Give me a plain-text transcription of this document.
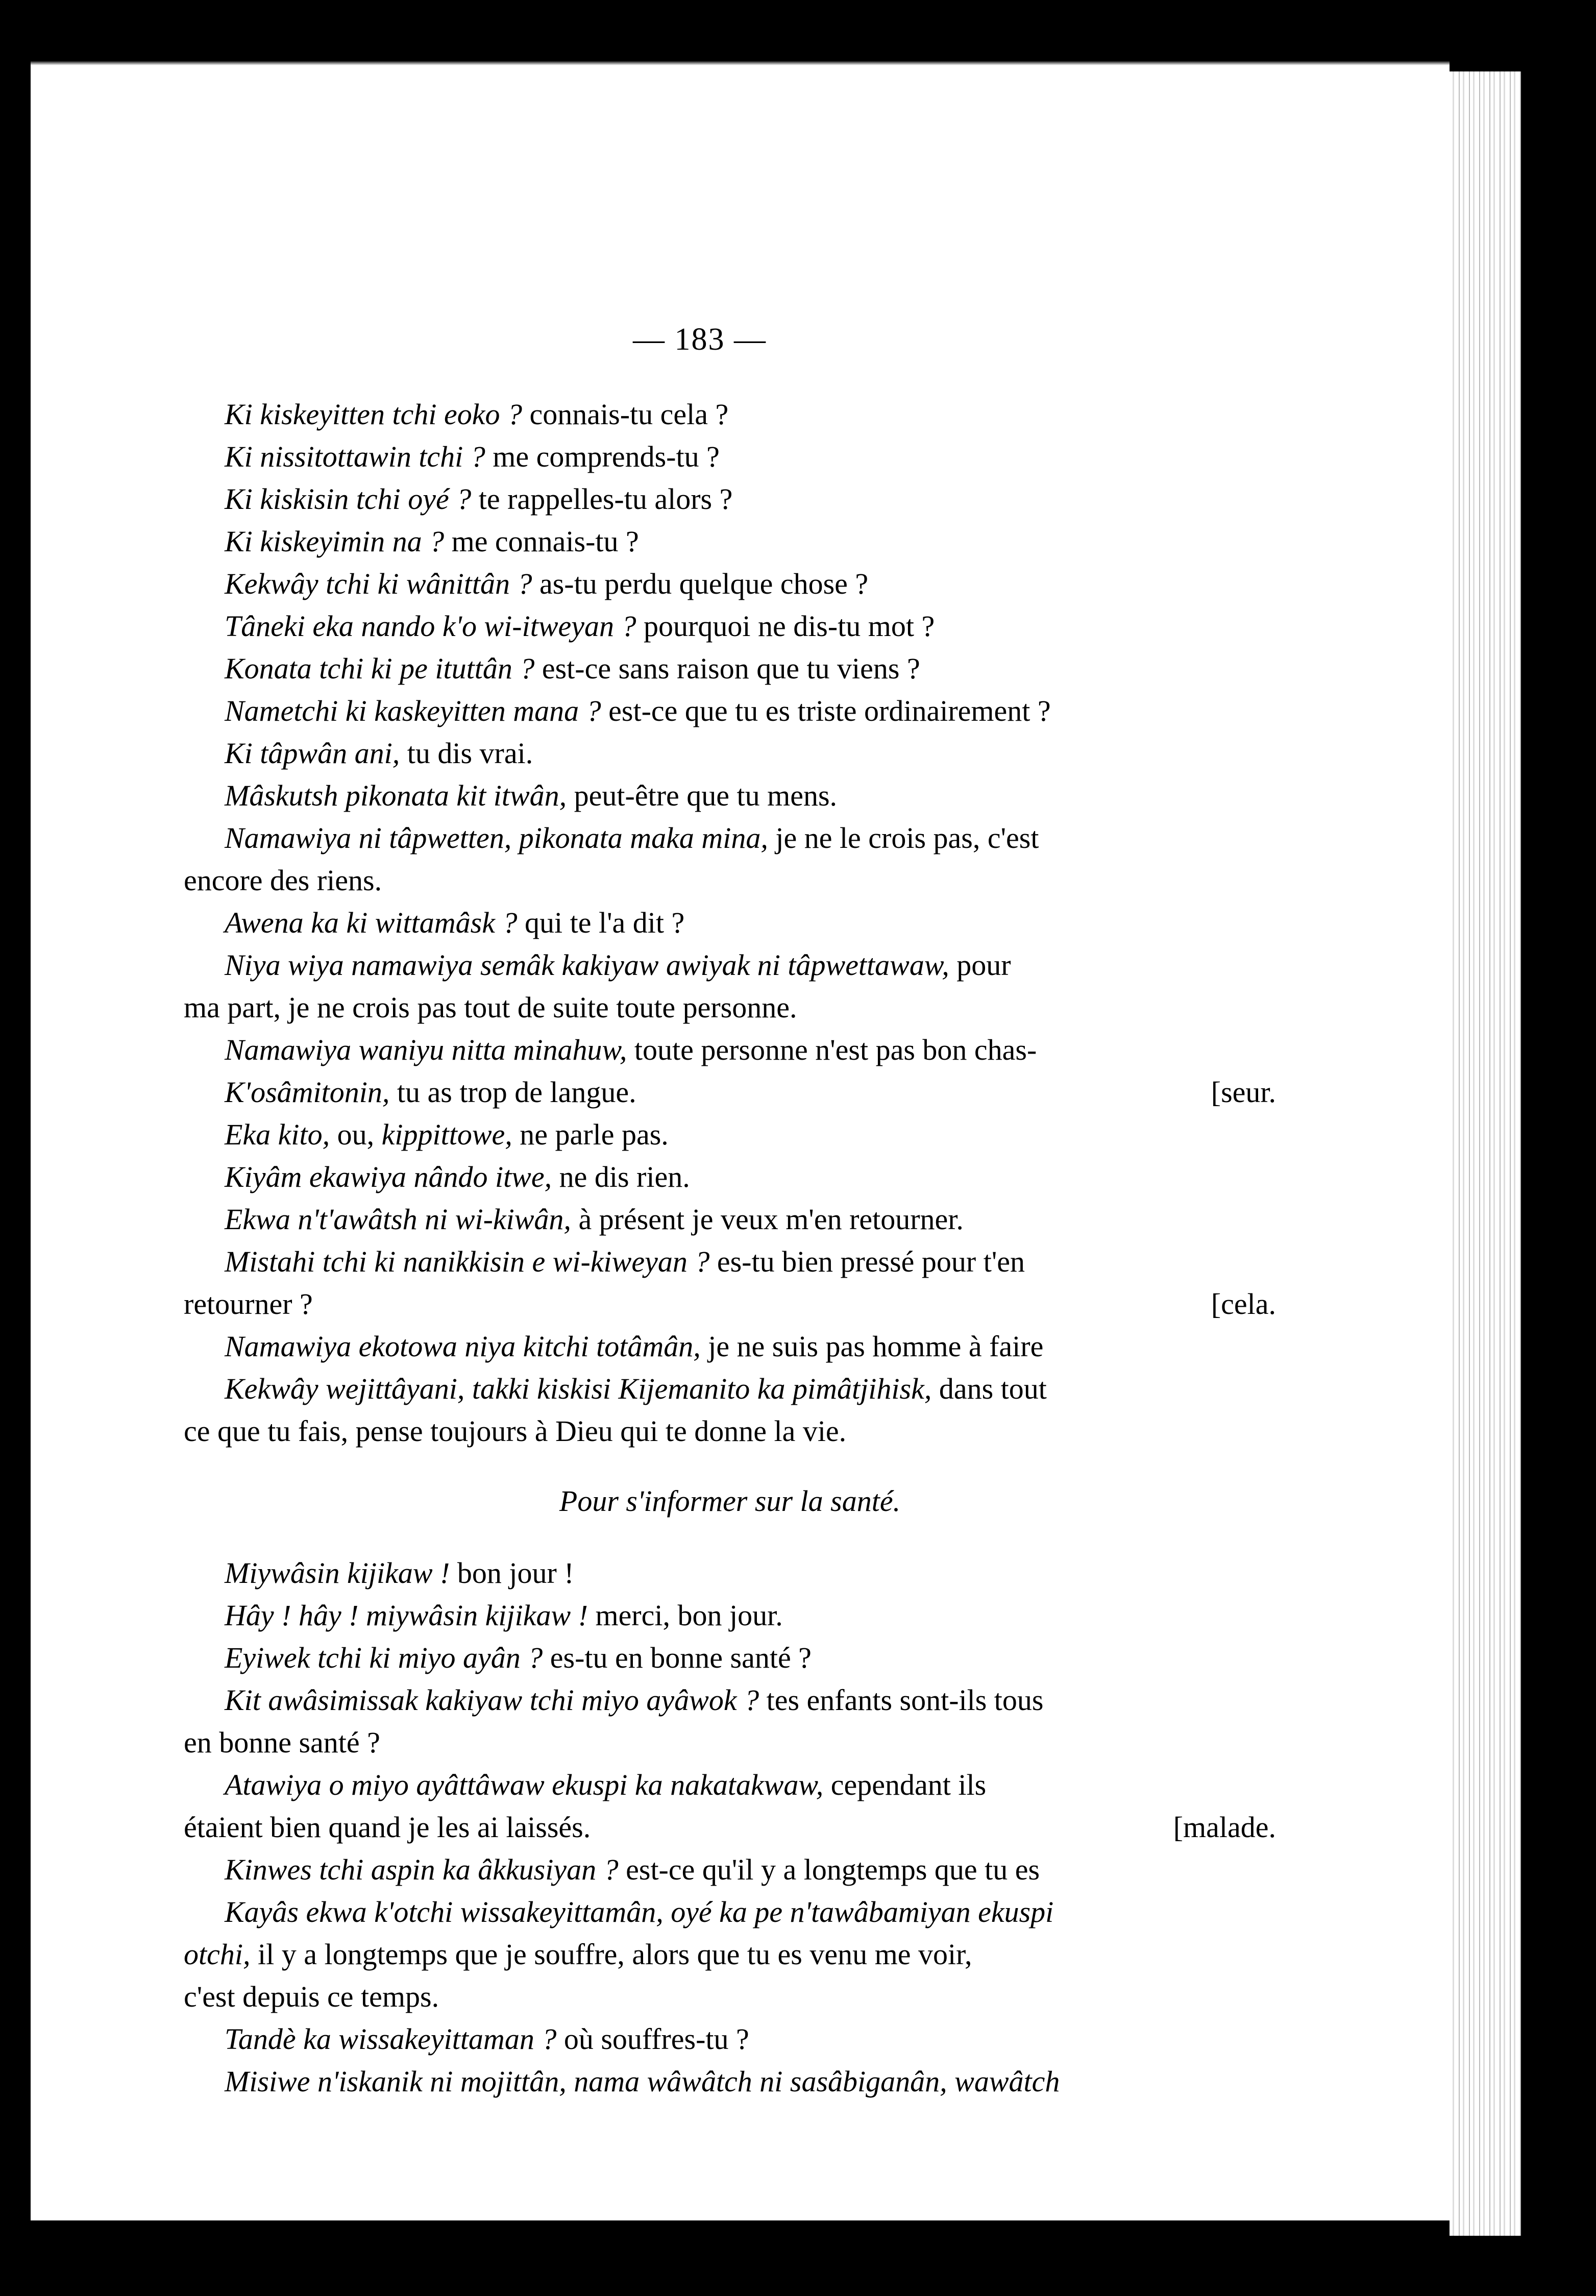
— 183 —
Ki kiskeyitten tchi eoko ? connais-tu cela ?
Ki nissitottawin tchi ? me comprends-tu ?
Ki kiskisin tchi oyé ? te rappelles-tu alors ?
Ki kiskeyimin na ? me connais-tu ?
Kekwây tchi ki wânittân ? as-tu perdu quelque chose ?
Tâneki eka nando k'o wi-itweyan ? pourquoi ne dis-tu mot ?
Konata tchi ki pe ituttân ? est-ce sans raison que tu viens ?
Nametchi ki kaskeyitten mana ? est-ce que tu es triste ordinairement ?
Ki tâpwân ani, tu dis vrai.
Mâskutsh pikonata kit itwân, peut-être que tu mens.
Namawiya ni tâpwetten, pikonata maka mina, je ne le crois pas, c'est
encore des riens.
Awena ka ki wittamâsk ? qui te l'a dit ?
Niya wiya namawiya semâk kakiyaw awiyak ni tâpwettawaw, pour
ma part, je ne crois pas tout de suite toute personne.
Namawiya waniyu nitta minahuw, toute personne n'est pas bon chas-
K'osâmitonin, tu as trop de langue.	[seur.
Eka kito, ou, kippittowe, ne parle pas.
Kiyâm ekawiya nândo itwe, ne dis rien.
Ekwa n't'awâtsh ni wi-kiwân, à présent je veux m'en retourner.
Mistahi tchi ki nanikkisin e wi-kiweyan ? es-tu bien pressé pour t'en
retourner ?	[cela.
Namawiya ekotowa niya kitchi totâmân, je ne suis pas homme à faire
Kekwây wejittâyani, takki kiskisi Kijemanito ka pimâtjihisk, dans tout
ce que tu fais, pense toujours à Dieu qui te donne la vie.
Pour s'informer sur la santé.
Miywâsin kijikaw ! bon jour !
Hây ! hây ! miywâsin kijikaw ! merci, bon jour.
Eyiwek tchi ki miyo ayân ? es-tu en bonne santé ?
Kit awâsimissak kakiyaw tchi miyo ayâwok ? tes enfants sont-ils tous
en bonne santé ?
Atawiya o miyo ayâttâwaw ekuspi ka nakatakwaw, cependant ils
étaient bien quand je les ai laissés.	[malade.
Kinwes tchi aspin ka âkkusiyan ? est-ce qu'il y a longtemps que tu es
Kayâs ekwa k'otchi wissakeyittamân, oyé ka pe n'tawâbamiyan ekuspi
otchi, il y a longtemps que je souffre, alors que tu es venu me voir,
c'est depuis ce temps.
Tandè ka wissakeyittaman ? où souffres-tu ?
Misiwe n'iskanik ni mojittân, nama wâwâtch ni sasâbiganân, wawâtch
